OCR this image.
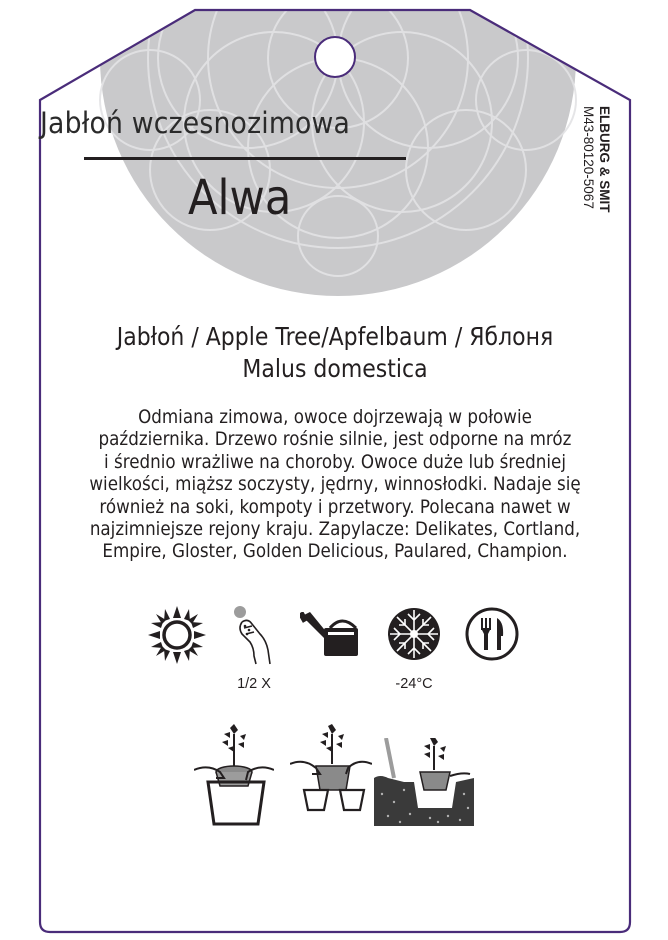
Jabłoń wczesnozimowa
Alwa	ELBURG & SMIT
M43-80120-5067
Jabłoń / Apple Tree/Apfelbaum / Яблоня
Malus domestica
Odmiana zimowa, owoce dojrzewają w połowie
października. Drzewo rośnie silnie, jest odporne na mróz
i średnio wrażliwe na choroby. Owoce duże lub średniej
wielkości, miąższ soczysty, jędrny, winnosłodki. Nadaje się
również na soki, kompoty i przetwory. Polecana nawet w
najzimniejsze rejony kraju. Zapylacze: Delikates, Cortland,
Empire, Gloster, Golden Delicious, Paulared, Champion.
1/2 X	-24°C
